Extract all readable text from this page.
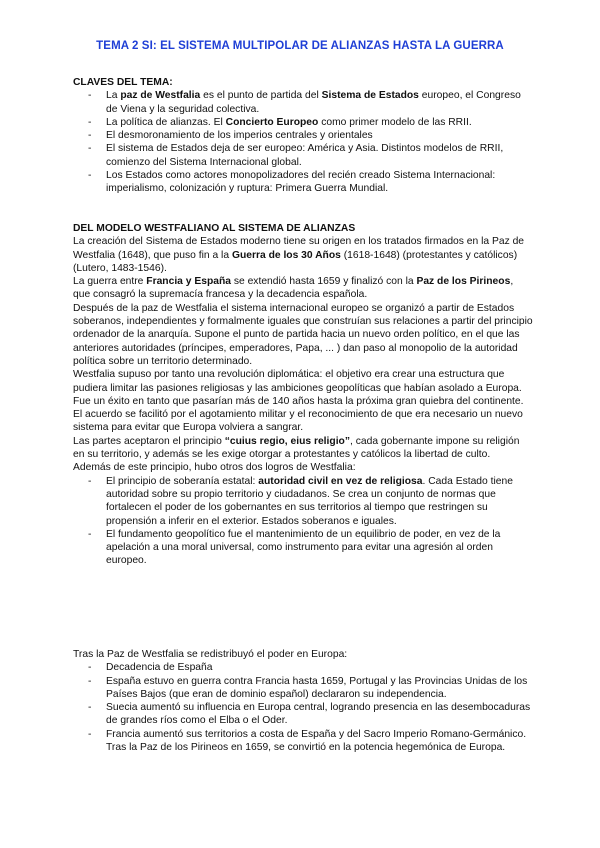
TEMA 2 SI: EL SISTEMA MULTIPOLAR DE ALIANZAS HASTA LA GUERRA

CLAVES DEL TEMA:

- La paz de Westfalia es el punto de partida del Sistema de Estados europeo, el Congreso de Viena y la seguridad colectiva.
- La política de alianzas. El Concierto Europeo como primer modelo de las RRII.
- El desmoronamiento de los imperios centrales y orientales
- El sistema de Estados deja de ser europeo: América y Asia. Distintos modelos de RRII, comienzo del Sistema Internacional global.
- Los Estados como actores monopolizadores del recién creado Sistema Internacional: imperialismo, colonización y ruptura: Primera Guerra Mundial.

DEL MODELO WESTFALIANO AL SISTEMA DE ALIANZAS

La creación del Sistema de Estados moderno tiene su origen en los tratados firmados en la Paz de Westfalia (1648), que puso fin a la Guerra de los 30 Años (1618-1648) (protestantes y católicos) (Lutero, 1483-1546).

La guerra entre Francia y España se extendió hasta 1659 y finalizó con la Paz de los Pirineos, que consagró la supremacía francesa y la decadencia española.

Después de la paz de Westfalia el sistema internacional europeo se organizó a partir de Estados soberanos, independientes y formalmente iguales que construían sus relaciones a partir del principio ordenador de la anarquía. Supone el punto de partida hacia un nuevo orden político, en el que las anteriores autoridades (príncipes, emperadores, Papa, ... ) dan paso al monopolio de la autoridad política sobre un territorio determinado.

Westfalia supuso por tanto una revolución diplomática: el objetivo era crear una estructura que pudiera limitar las pasiones religiosas y las ambiciones geopolíticas que habían asolado a Europa. Fue un éxito en tanto que pasarían más de 140 años hasta la próxima gran quiebra del continente.

El acuerdo se facilitó por el agotamiento militar y el reconocimiento de que era necesario un nuevo sistema para evitar que Europa volviera a sangrar.

Las partes aceptaron el principio “cuius regio, eius religio”, cada gobernante impone su religión en su territorio, y además se les exige otorgar a protestantes y católicos la libertad de culto.

Además de este principio, hubo otros dos logros de Westfalia:

- El principio de soberanía estatal: autoridad civil en vez de religiosa. Cada Estado tiene autoridad sobre su propio territorio y ciudadanos. Se crea un conjunto de normas que fortalecen el poder de los gobernantes en sus territorios al tiempo que restringen su propensión a inferir en el exterior. Estados soberanos e iguales.
- El fundamento geopolítico fue el mantenimiento de un equilibrio de poder, en vez de la apelación a una moral universal, como instrumento para evitar una agresión al orden europeo.

Tras la Paz de Westfalia se redistribuyó el poder en Europa:

- Decadencia de España
- España estuvo en guerra contra Francia hasta 1659, Portugal y las Provincias Unidas de los Países Bajos (que eran de dominio español) declararon su independencia.
- Suecia aumentó su influencia en Europa central, logrando presencia en las desembocaduras de grandes ríos como el Elba o el Oder.
- Francia aumentó sus territorios a costa de España y del Sacro Imperio Romano-Germánico. Tras la Paz de los Pirineos en 1659, se convirtió en la potencia hegemónica de Europa.
